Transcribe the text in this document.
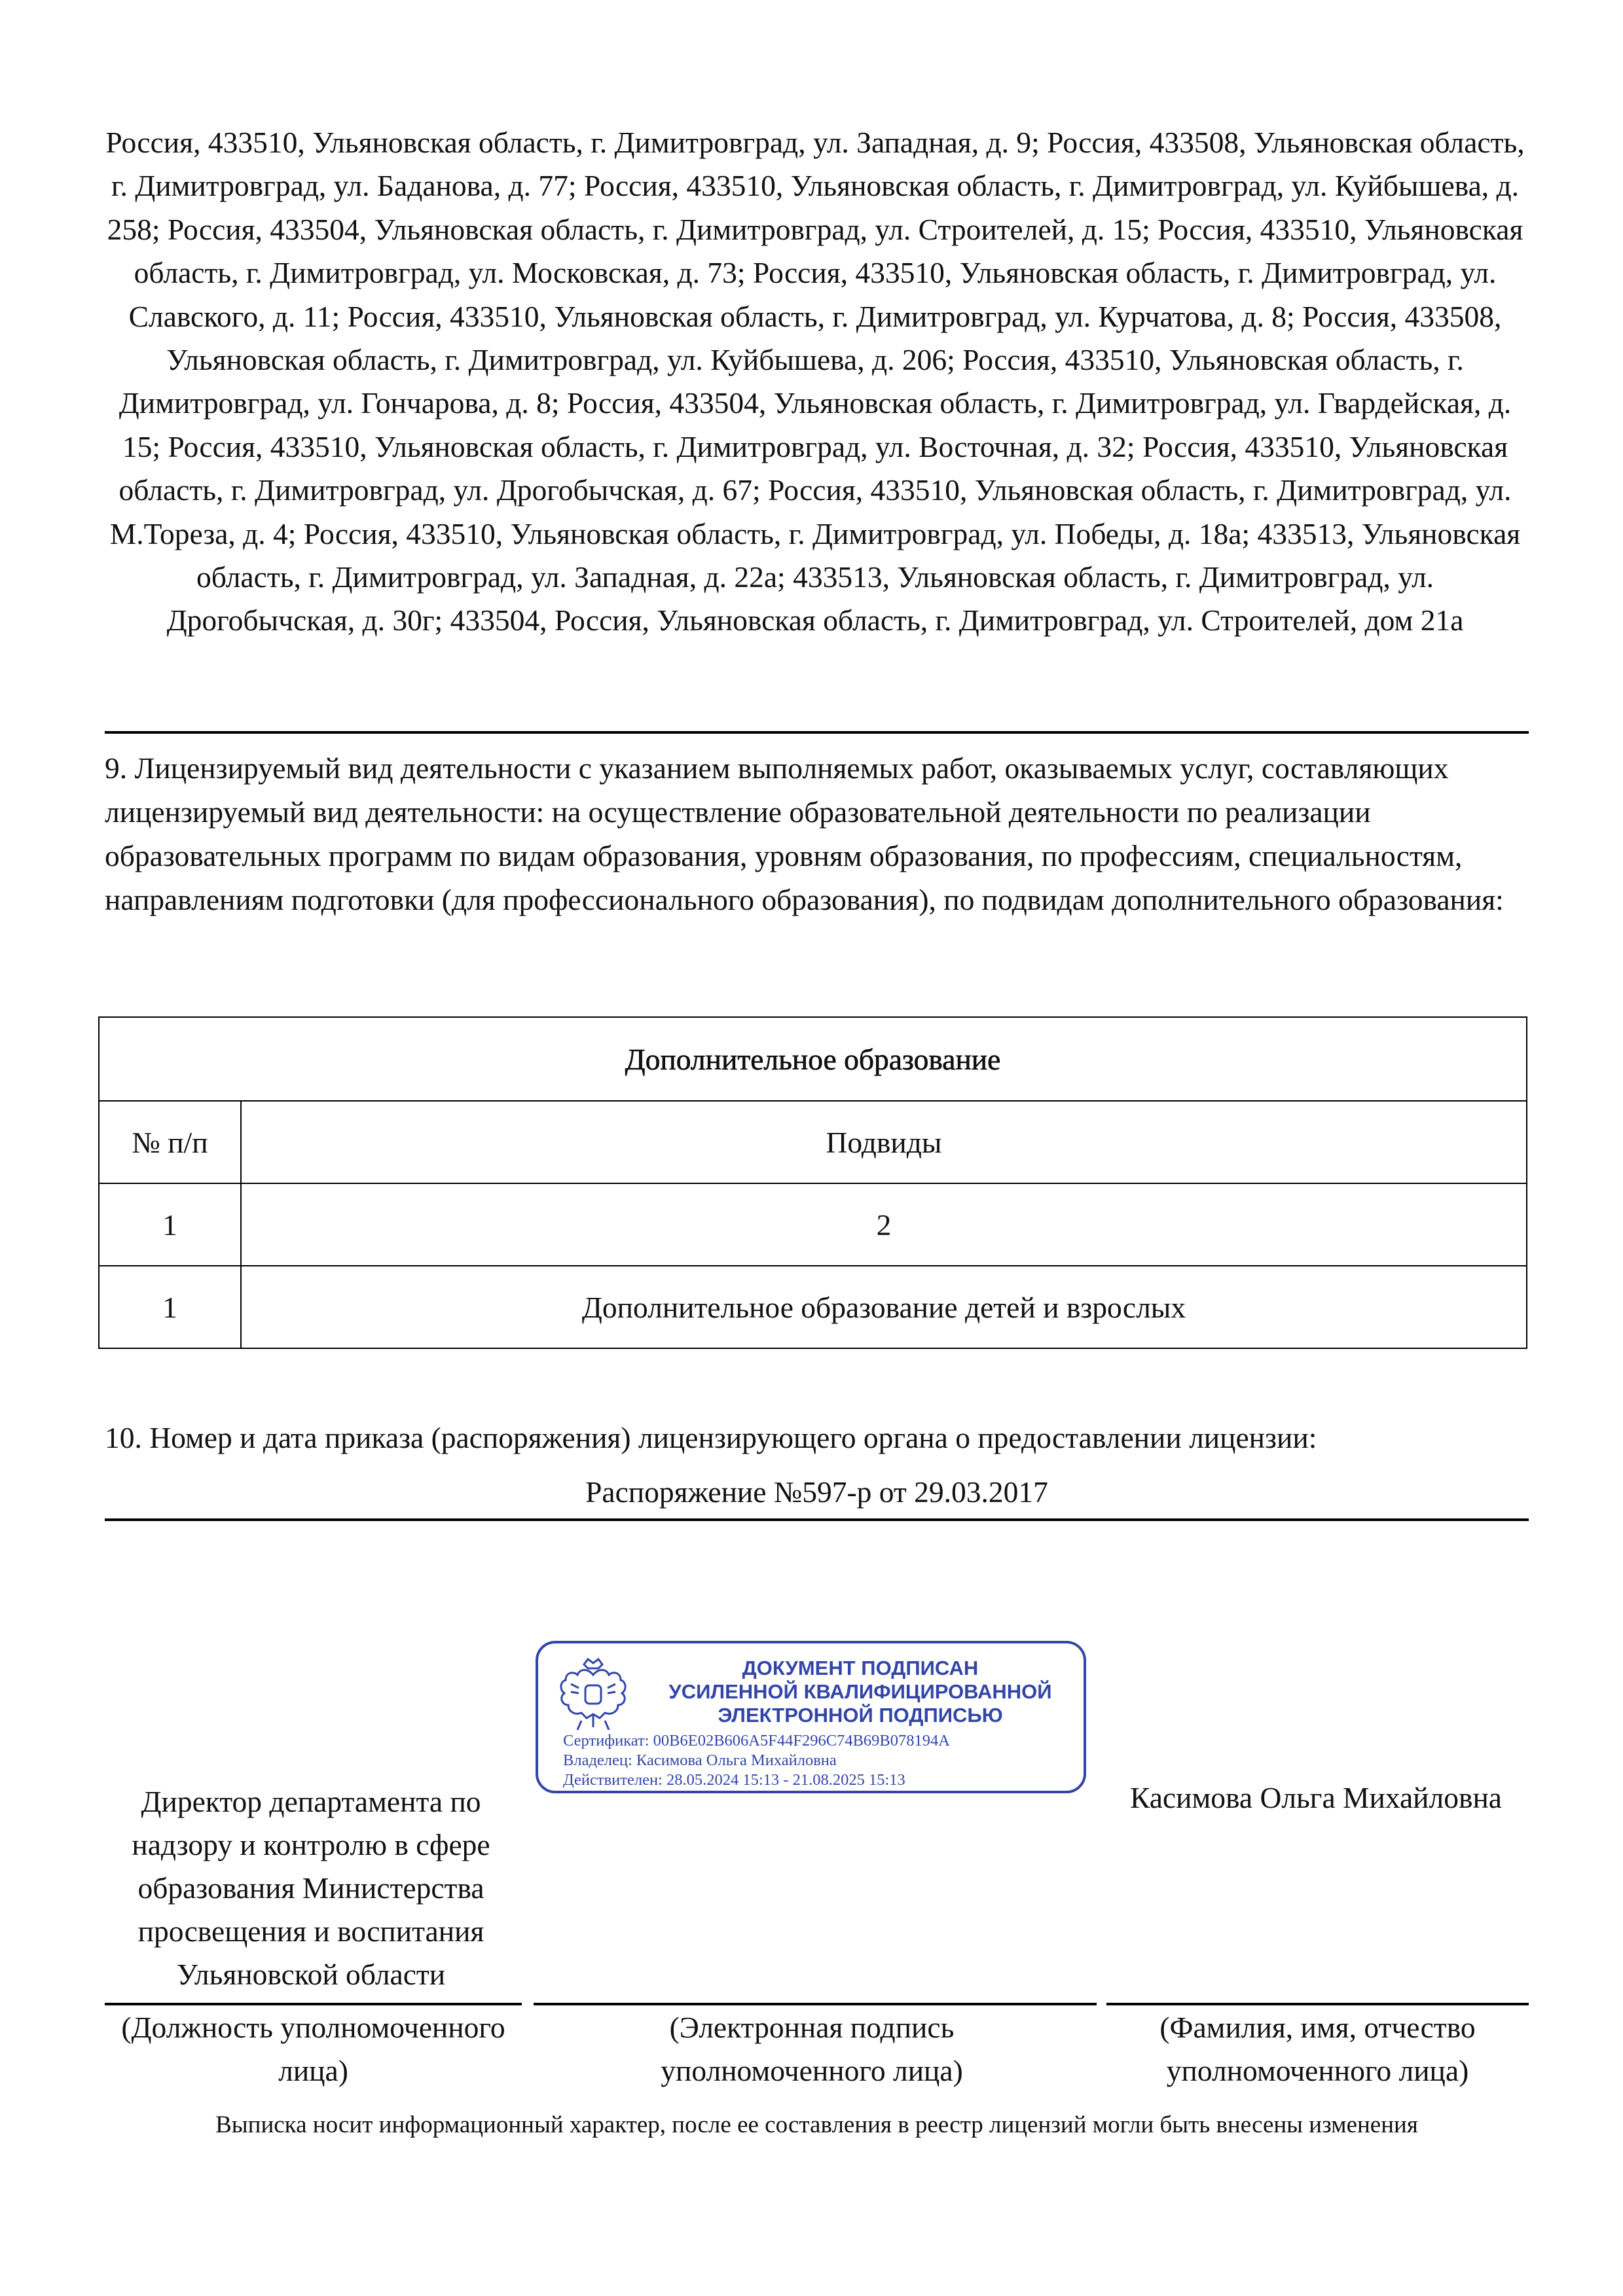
Россия, 433510, Ульяновская область, г. Димитровград, ул. Западная, д. 9; Россия, 433508, Ульяновская область, г. Димитровград, ул. Баданова, д. 77; Россия, 433510, Ульяновская область, г. Димитровград, ул. Куйбышева, д. 258; Россия, 433504, Ульяновская область, г. Димитровград, ул. Строителей, д. 15; Россия, 433510, Ульяновская область, г. Димитровград, ул. Московская, д. 73; Россия, 433510, Ульяновская область, г. Димитровград, ул. Славского, д. 11; Россия, 433510, Ульяновская область, г. Димитровград, ул. Курчатова, д. 8; Россия, 433508, Ульяновская область, г. Димитровград, ул. Куйбышева, д. 206; Россия, 433510, Ульяновская область, г. Димитровград, ул. Гончарова, д. 8; Россия, 433504, Ульяновская область, г. Димитровград, ул. Гвардейская, д. 15; Россия, 433510, Ульяновская область, г. Димитровград, ул. Восточная, д. 32; Россия, 433510, Ульяновская область, г. Димитровград, ул. Дрогобычская, д. 67; Россия, 433510, Ульяновская область, г. Димитровград, ул. М.Тореза, д. 4; Россия, 433510, Ульяновская область, г. Димитровград, ул. Победы, д. 18а; 433513, Ульяновская область, г. Димитровград, ул. Западная, д. 22а; 433513, Ульяновская область, г. Димитровград, ул. Дрогобычская, д. 30г; 433504, Россия, Ульяновская область, г. Димитровград, ул. Строителей, дом 21а
9. Лицензируемый вид деятельности с указанием выполняемых работ, оказываемых услуг, составляющих лицензируемый вид деятельности: на осуществление образовательной деятельности по реализации образовательных программ по видам образования, уровням образования, по профессиям, специальностям, направлениям подготовки (для профессионального образования), по подвидам дополнительного образования:
Дополнительное образование	
№ п/п	Подвиды
1	2
1	Дополнительное образование детей и взрослых
10. Номер и дата приказа (распоряжения) лицензирующего органа о предоставлении лицензии:
Распоряжение №597-р от 29.03.2017
ДОКУМЕНТ ПОДПИСАН
УСИЛЕННОЙ КВАЛИФИЦИРОВАННОЙ
ЭЛЕКТРОННОЙ ПОДПИСЬЮ
Сертификат: 00B6E02B606A5F44F296C74B69B078194A
Владелец: Касимова Ольга Михайловна
Действителен: 28.05.2024 15:13 - 21.08.2025 15:13
Директор департамента по надзору и контролю в сфере образования Министерства просвещения и воспитания Ульяновской области
Касимова Ольга Михайловна
(Должность уполномоченного лица)
(Электронная подпись уполномоченного лица)
(Фамилия, имя, отчество уполномоченного лица)
Выписка носит информационный характер, после ее составления в реестр лицензий могли быть внесены изменения
